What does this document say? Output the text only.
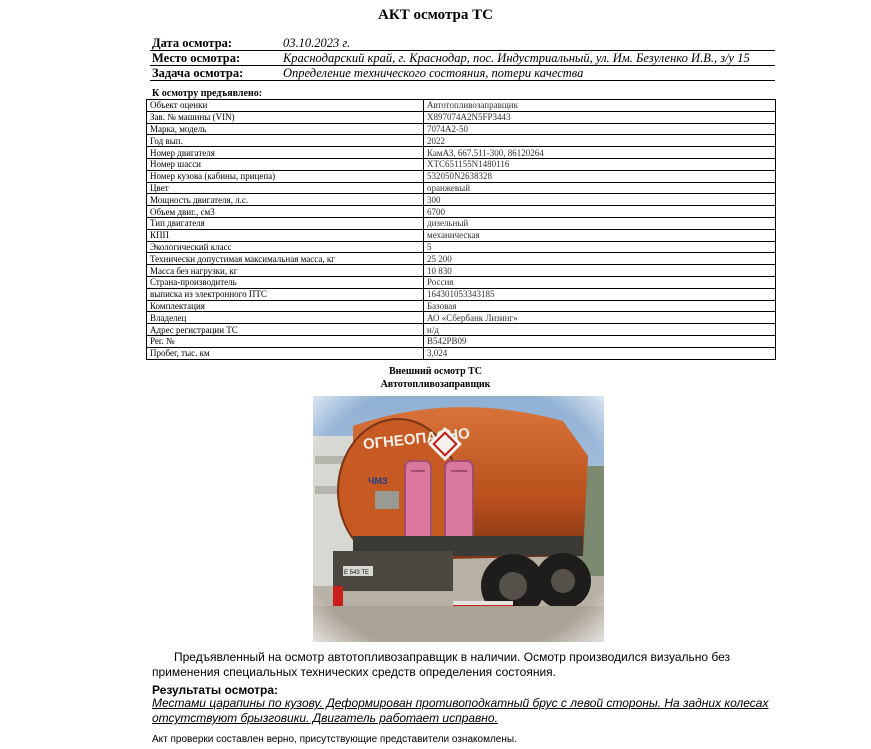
АКТ осмотра ТС
Дата осмотра:	03.10.2023 г.
Место осмотра:	Краснодарский край, г. Краснодар, пос. Индустриальный, ул. Им. Безуленко И.В., з/у 15
Задача осмотра:	Определение технического состояния, потери качества
К осмотру предъявлено:
Объект оценки	Автотопливозаправщик
Зав. № машины (VIN)	X897074A2N5FP3443
Марка, модель	7074A2-50
Год вып.	2022
Номер двигателя	КамАЗ, 667.511-300, 86120264
Номер шасси	XTC651155N1480116
Номер кузова (кабины, прицепа)	532050N2638328
Цвет	оранжевый
Мощность двигателя, л.с.	300
Объем двиг., см3	6700
Тип двигателя	дизельный
КПП	механическая
Экологический класс	5
Технически допустимая максимальная масса, кг	25 200
Масса без нагрузки, кг	10 830
Страна-производитель	Россия
выписка из электронного ПТС	164301053343185
Комплектация	Базовая
Владелец	АО «Сбербанк Лизинг»
Адрес регистрации ТС	н/д
Рег. №	В542РВ09
Пробег, тыс. км	3,024
Внешний осмотр ТС
Автотопливозаправщик
Предъявленный на осмотр автотопливозаправщик в наличии. Осмотр производился визуально без применения специальных технических средств определения состояния.
Результаты осмотра:
Местами царапины по кузову. Деформирован противоподкатный брус с левой стороны. На задних колесах отсутствуют брызговики. Двигатель работает исправно.
Акт проверки составлен верно, присутствующие представители ознакомлены.
